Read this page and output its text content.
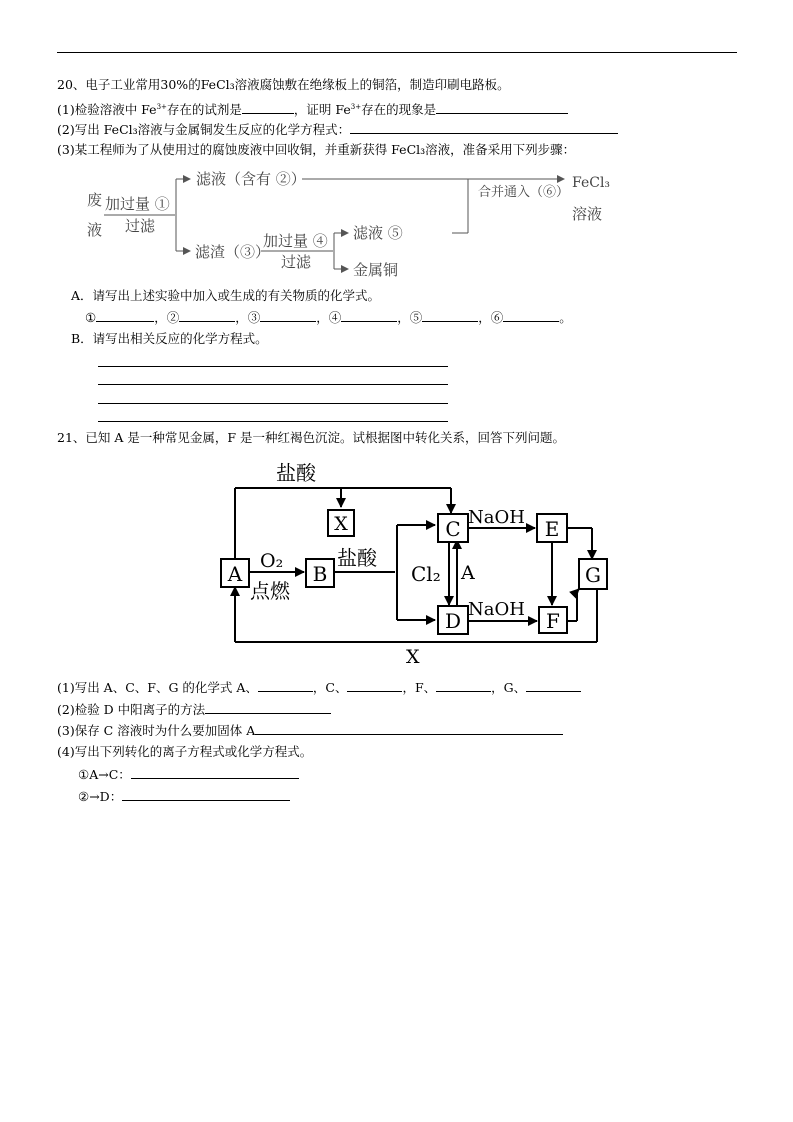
20、电子工业常用30%的FeCl₃溶液腐蚀敷在绝缘板上的铜箔，制造印刷电路板。
(1)检验溶液中 $Fe^{3+}$存在的试剂是	，证明 $Fe^{3+}$存在的现象是
(2)写出 FeCl₃溶液与金属铜发生反应的化学方程式：
(3)某工程师为了从使用过的腐蚀废液中回收铜，并重新获得 FeCl₃溶液，准备采用下列步骤：
废
液
加过量 ①
过滤
滤液（含有 ②）
滤渣（③）
加过量 ④
过滤
滤液 ⑤
金属铜
FeCl₃
溶液
合并通入（⑥）
A．请写出上述实验中加入或生成的有关物质的化学式。
①	，②	，③	，④	，⑤	，⑥	。
B．请写出相关反应的化学方程式。
21、已知 A 是一种常见金属，F 是一种红褐色沉淀。试根据图中转化关系，回答下列问题。
A	B
X	C
D
E
F
G
盐酸
O₂
点燃
盐酸
Cl₂ A
NaOH
NaOH
X
(1)写出 A、C、F、G 的化学式 A、	，C、	，F、	，G、
(2)检验 D 中阳离子的方法
(3)保存 C 溶液时为什么要加固体 A
(4)写出下列转化的离子方程式或化学方程式。
①A→C：
②→D：
